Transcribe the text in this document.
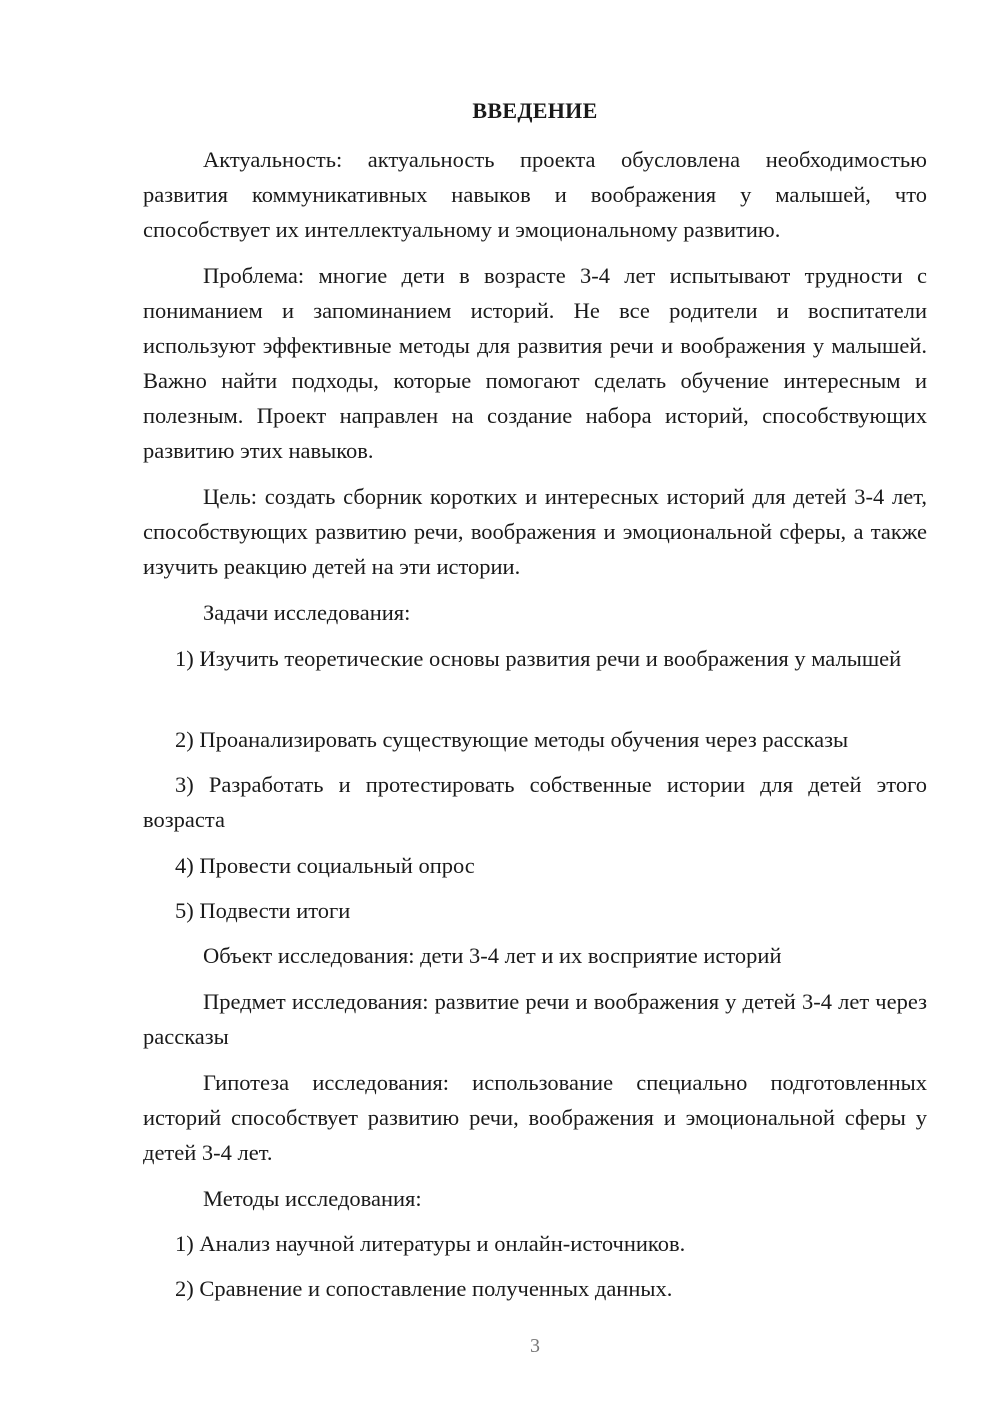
ВВЕДЕНИЕ

Актуальность: актуальность проекта обусловлена необходимостью развития коммуникативных навыков и воображения у малышей, что способствует их интеллектуальному и эмоциональному развитию.

Проблема: многие дети в возрасте 3-4 лет испытывают трудности с пониманием и запоминанием историй. Не все родители и воспитатели используют эффективные методы для развития речи и воображения у малышей. Важно найти подходы, которые помогают сделать обучение интересным и полезным. Проект направлен на создание набора историй, способствующих развитию этих навыков.

Цель: создать сборник коротких и интересных историй для детей 3-4 лет, способствующих развитию речи, воображения и эмоциональной сферы, а также изучить реакцию детей на эти истории.

Задачи исследования:

1) Изучить теоретические основы развития речи и воображения у малышей

2) Проанализировать существующие методы обучения через рассказы

3) Разработать и протестировать собственные истории для детей этого возраста

4) Провести социальный опрос

5) Подвести итоги

Объект исследования: дети 3-4 лет и их восприятие историй

Предмет исследования: развитие речи и воображения у детей 3-4 лет через рассказы

Гипотеза исследования: использование специально подготовленных историй способствует развитию речи, воображения и эмоциональной сферы у детей 3-4 лет.

Методы исследования:

1) Анализ научной литературы и онлайн-источников.

2) Сравнение и сопоставление полученных данных.

3
